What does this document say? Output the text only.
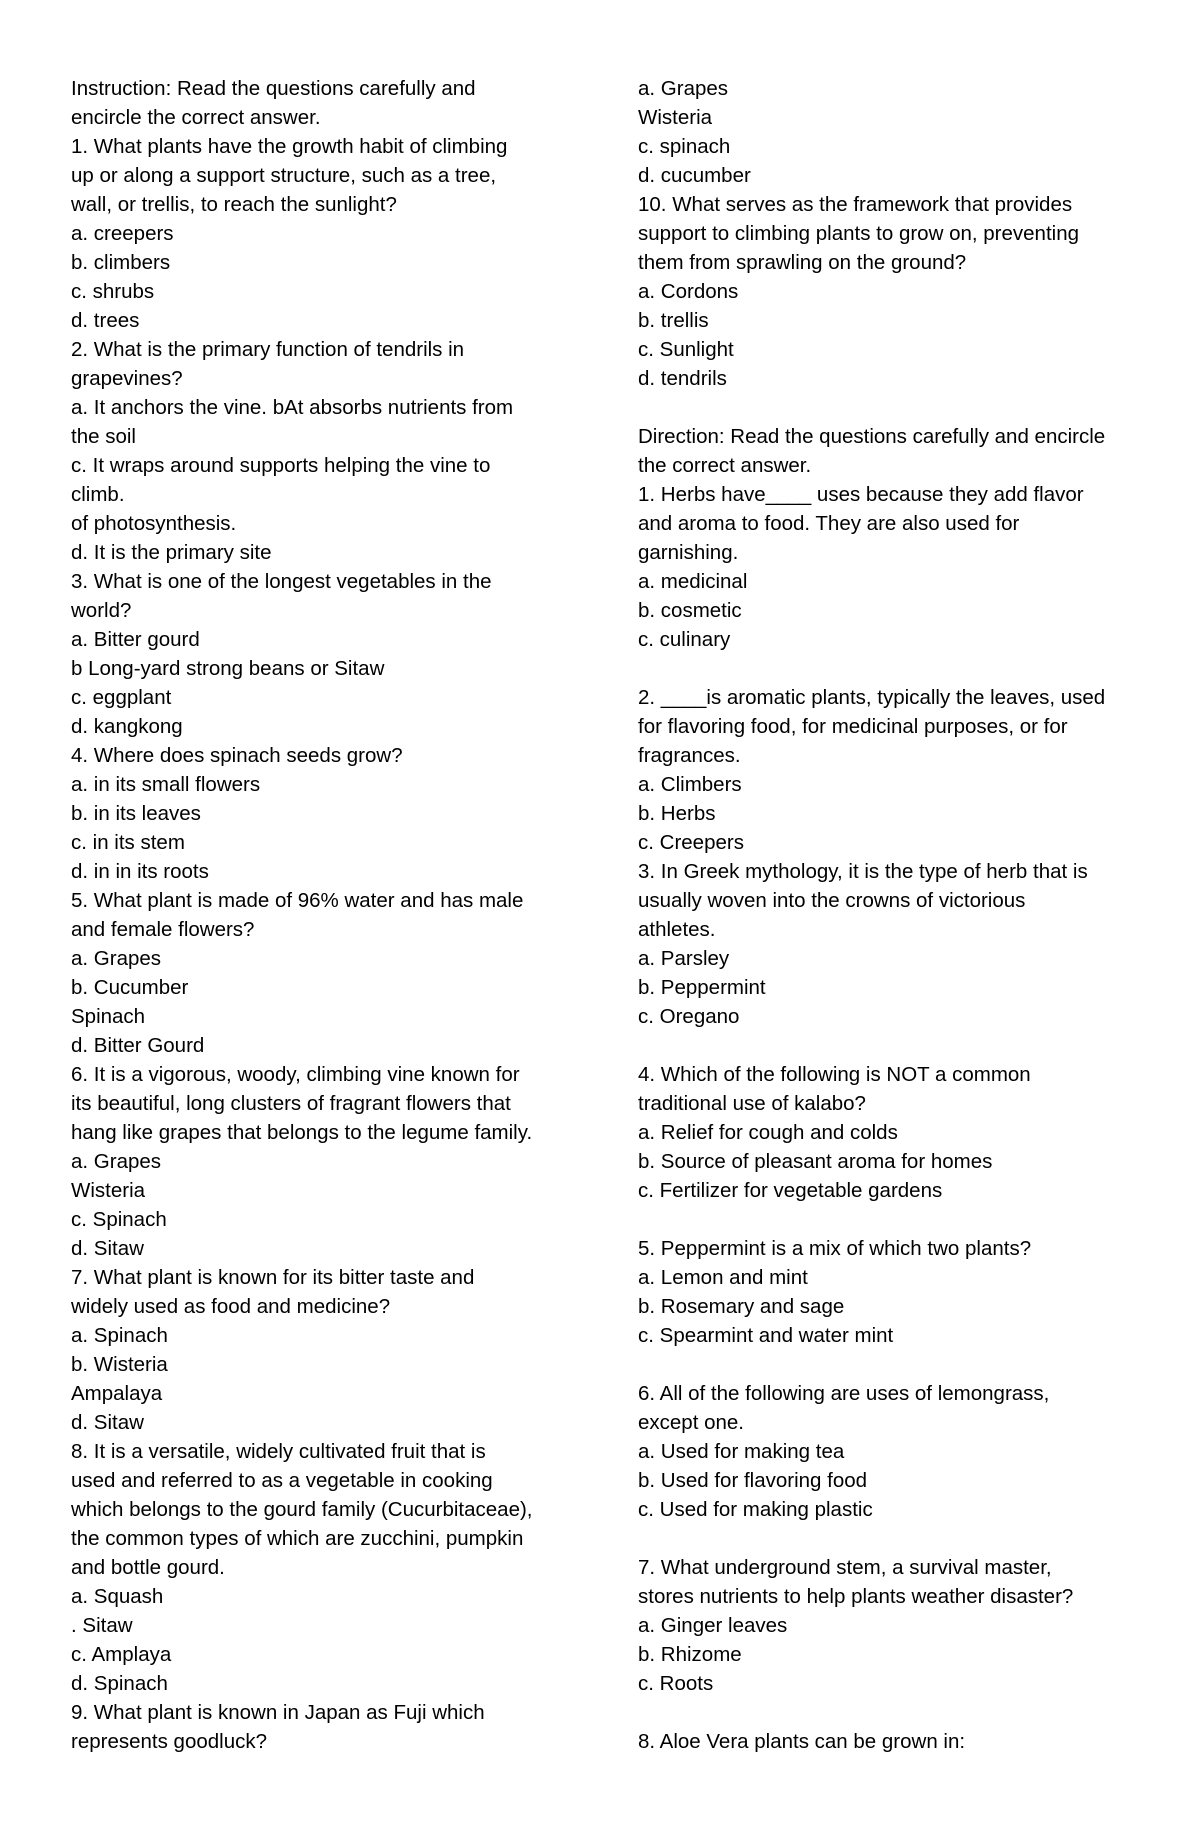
Instruction: Read the questions carefully and
encircle the correct answer.
1. What plants have the growth habit of climbing
up or along a support structure, such as a tree,
wall, or trellis, to reach the sunlight?
a. creepers
b. climbers
c. shrubs
d. trees
2. What is the primary function of tendrils in
grapevines?
a. It anchors the vine. bAt absorbs nutrients from
the soil
c. It wraps around supports helping the vine to
climb.
of photosynthesis.
d. It is the primary site
3. What is one of the longest vegetables in the
world?
a. Bitter gourd
b Long-yard strong beans or Sitaw
c. eggplant
d. kangkong
4. Where does spinach seeds grow?
a. in its small flowers
b. in its leaves
c. in its stem
d. in in its roots
5. What plant is made of 96% water and has male
and female flowers?
a. Grapes
b. Cucumber
Spinach
d. Bitter Gourd
6. It is a vigorous, woody, climbing vine known for
its beautiful, long clusters of fragrant flowers that
hang like grapes that belongs to the legume family.
a. Grapes
Wisteria
c. Spinach
d. Sitaw
7. What plant is known for its bitter taste and
widely used as food and medicine?
a. Spinach
b. Wisteria
Ampalaya
d. Sitaw
8. It is a versatile, widely cultivated fruit that is
used and referred to as a vegetable in cooking
which belongs to the gourd family (Cucurbitaceae),
the common types of which are zucchini, pumpkin
and bottle gourd.
a. Squash
. Sitaw
c. Amplaya
d. Spinach
9. What plant is known in Japan as Fuji which
represents goodluck?
a. Grapes
Wisteria
c. spinach
d. cucumber
10. What serves as the framework that provides
support to climbing plants to grow on, preventing
them from sprawling on the ground?
a. Cordons
b. trellis
c. Sunlight
d. tendrils
Direction: Read the questions carefully and encircle
the correct answer.
1. Herbs have____ uses because they add flavor
and aroma to food. They are also used for
garnishing.
a. medicinal
b. cosmetic
c. culinary
2. ____is aromatic plants, typically the leaves, used
for flavoring food, for medicinal purposes, or for
fragrances.
a. Climbers
b. Herbs
c. Creepers
3. In Greek mythology, it is the type of herb that is
usually woven into the crowns of victorious
athletes.
a. Parsley
b. Peppermint
c. Oregano
4. Which of the following is NOT a common
traditional use of kalabo?
a. Relief for cough and colds
b. Source of pleasant aroma for homes
c. Fertilizer for vegetable gardens
5. Peppermint is a mix of which two plants?
a. Lemon and mint
b. Rosemary and sage
c. Spearmint and water mint
6. All of the following are uses of lemongrass,
except one.
a. Used for making tea
b. Used for flavoring food
c. Used for making plastic
7. What underground stem, a survival master,
stores nutrients to help plants weather disaster?
a. Ginger leaves
b. Rhizome
c. Roots
8. Aloe Vera plants can be grown in:
